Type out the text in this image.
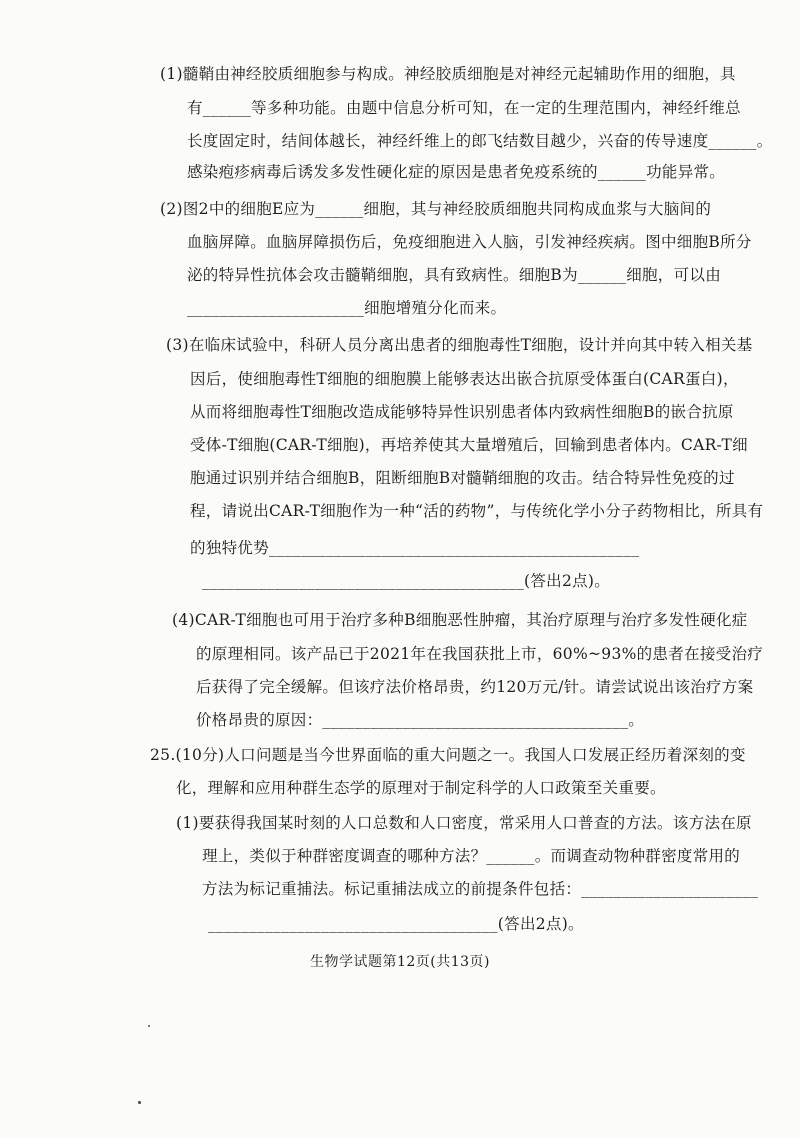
(1)髓鞘由神经胶质细胞参与构成。神经胶质细胞是对神经元起辅助作用的细胞，具
有______等多种功能。由题中信息分析可知，在一定的生理范围内，神经纤维总
长度固定时，结间体越长，神经纤维上的郎飞结数目越少，兴奋的传导速度______。
感染疱疹病毒后诱发多发性硬化症的原因是患者免疫系统的______功能异常。
(2)图2中的细胞E应为______细胞，其与神经胶质细胞共同构成血浆与大脑间的
血脑屏障。血脑屏障损伤后，免疫细胞进入人脑，引发神经疾病。图中细胞B所分
泌的特异性抗体会攻击髓鞘细胞，具有致病性。细胞B为______细胞，可以由
______________________细胞增殖分化而来。
(3)在临床试验中，科研人员分离出患者的细胞毒性T细胞，设计并向其中转入相关基
因后，使细胞毒性T细胞的细胞膜上能够表达出嵌合抗原受体蛋白(CAR蛋白)，
从而将细胞毒性T细胞改造成能够特异性识别患者体内致病性细胞B的嵌合抗原
受体-T细胞(CAR-T细胞)，再培养使其大量增殖后，回输到患者体内。CAR-T细
胞通过识别并结合细胞B，阻断细胞B对髓鞘细胞的攻击。结合特异性免疫的过
程，请说出CAR-T细胞作为一种“活的药物”，与传统化学小分子药物相比，所具有
的独特优势______________________________________________
________________________________________(答出2点)。
(4)CAR-T细胞也可用于治疗多种B细胞恶性肿瘤，其治疗原理与治疗多发性硬化症
的原理相同。该产品已于2021年在我国获批上市，60%~93%的患者在接受治疗
后获得了完全缓解。但该疗法价格昂贵，约120万元/针。请尝试说出该治疗方案
价格昂贵的原因：______________________________________。
25.(10分)人口问题是当今世界面临的重大问题之一。我国人口发展正经历着深刻的变
化，理解和应用种群生态学的原理对于制定科学的人口政策至关重要。
(1)要获得我国某时刻的人口总数和人口密度，常采用人口普查的方法。该方法在原
理上，类似于种群密度调查的哪种方法？______。而调查动物种群密度常用的
方法为标记重捕法。标记重捕法成立的前提条件包括：______________________
____________________________________(答出2点)。
生物学试题第12页(共13页)
